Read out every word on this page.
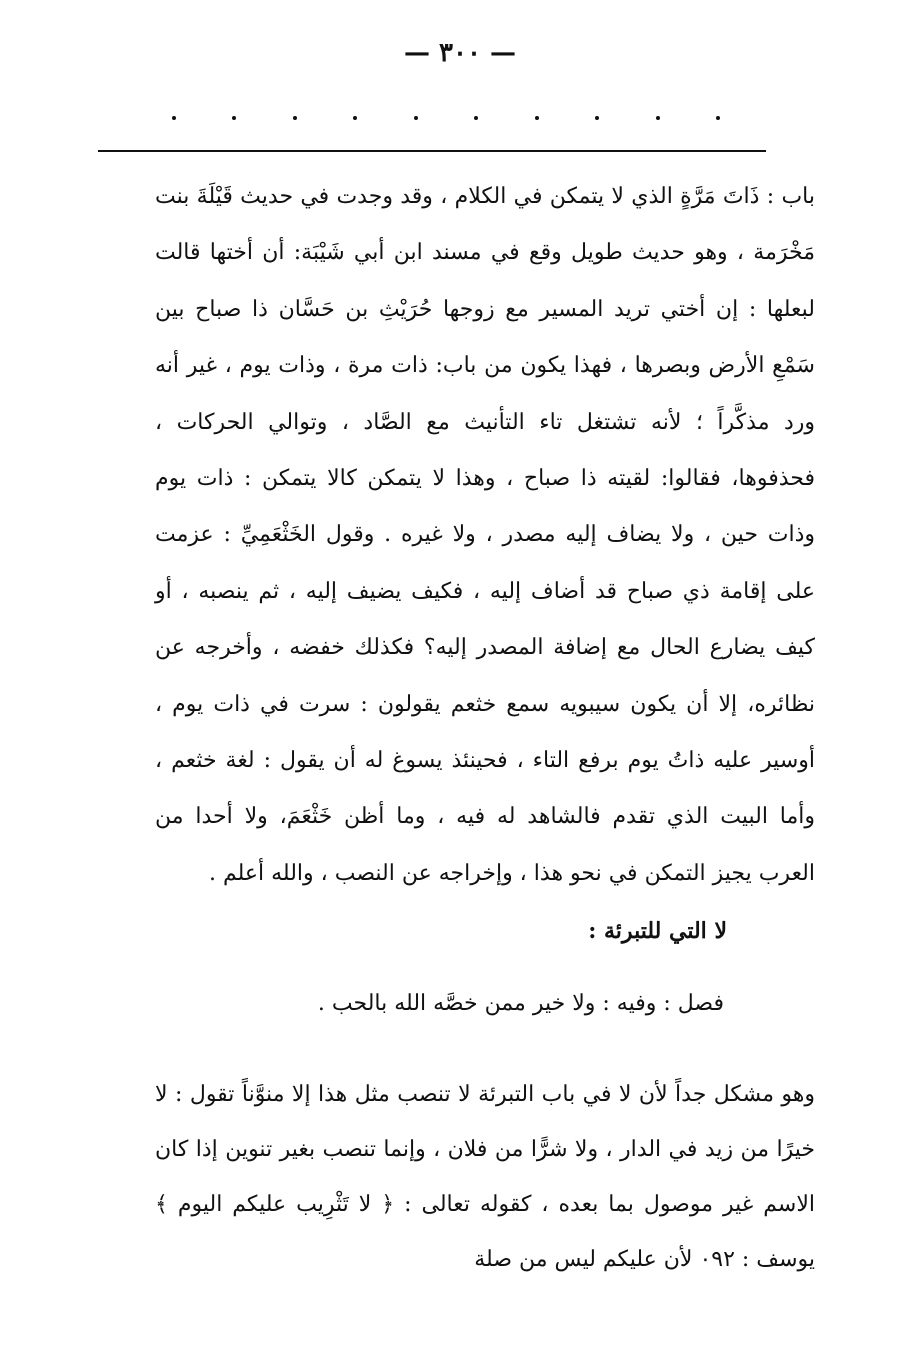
— ٣٠٠ —
باب : ذَاتَ مَرَّةٍ الذي لا يتمكن في الكلام ، وقد وجدت في حديث قَيْلَةَ بنت مَخْرَمة ، وهو حديث طويل وقع في مسند ابن أبي شَيْبَة: أن أختها قالت لبعلها : إن أختي تريد المسير مع زوجها حُرَيْثِ بن حَسَّان ذا صباح بين سَمْعِ الأرض وبصرها ، فهذا يكون من باب: ذات مرة ، وذات يوم ، غير أنه ورد مذكَّراً ؛ لأنه تشتغل تاء التأنيث مع الصَّاد ، وتوالي الحركات ، فحذفوها، فقالوا: لقيته ذا صباح ، وهذا لا يتمكن كالا يتمكن : ذات يوم وذات حين ، ولا يضاف إليه مصدر ، ولا غيره . وقول الخَثْعَمِيِّ : عزمت على إقامة ذي صباح قد أضاف إليه ، فكيف يضيف إليه ، ثم ينصبه ، أو كيف يضارع الحال مع إضافة المصدر إليه؟ فكذلك خفضه ، وأخرجه عن نظائره، إلا أن يكون سيبويه سمع خثعم يقولون : سرت في ذات يوم ، أوسير عليه ذاتُ يوم برفع التاء ، فحينئذ يسوغ له أن يقول : لغة خثعم ، وأما البيت الذي تقدم فالشاهد له فيه ، وما أظن خَثْعَمَ، ولا أحدا من العرب يجيز التمكن في نحو هذا ، وإخراجه عن النصب ، والله أعلم .
لا التي للتبرئة :
فصل : وفيه : ولا خير ممن خصَّه الله بالحب .
وهو مشكل جداً لأن لا في باب التبرئة لا تنصب مثل هذا إلا منوَّناً تقول : لا خيرًا من زيد في الدار ، ولا شرًّا من فلان ، وإنما تنصب بغير تنوين إذا كان الاسم غير موصول بما بعده ، كقوله تعالى : ﴿ لا تَثْرِيب عليكم اليوم ﴾ يوسف : ٠٩٢ لأن عليكم ليس من صلة
